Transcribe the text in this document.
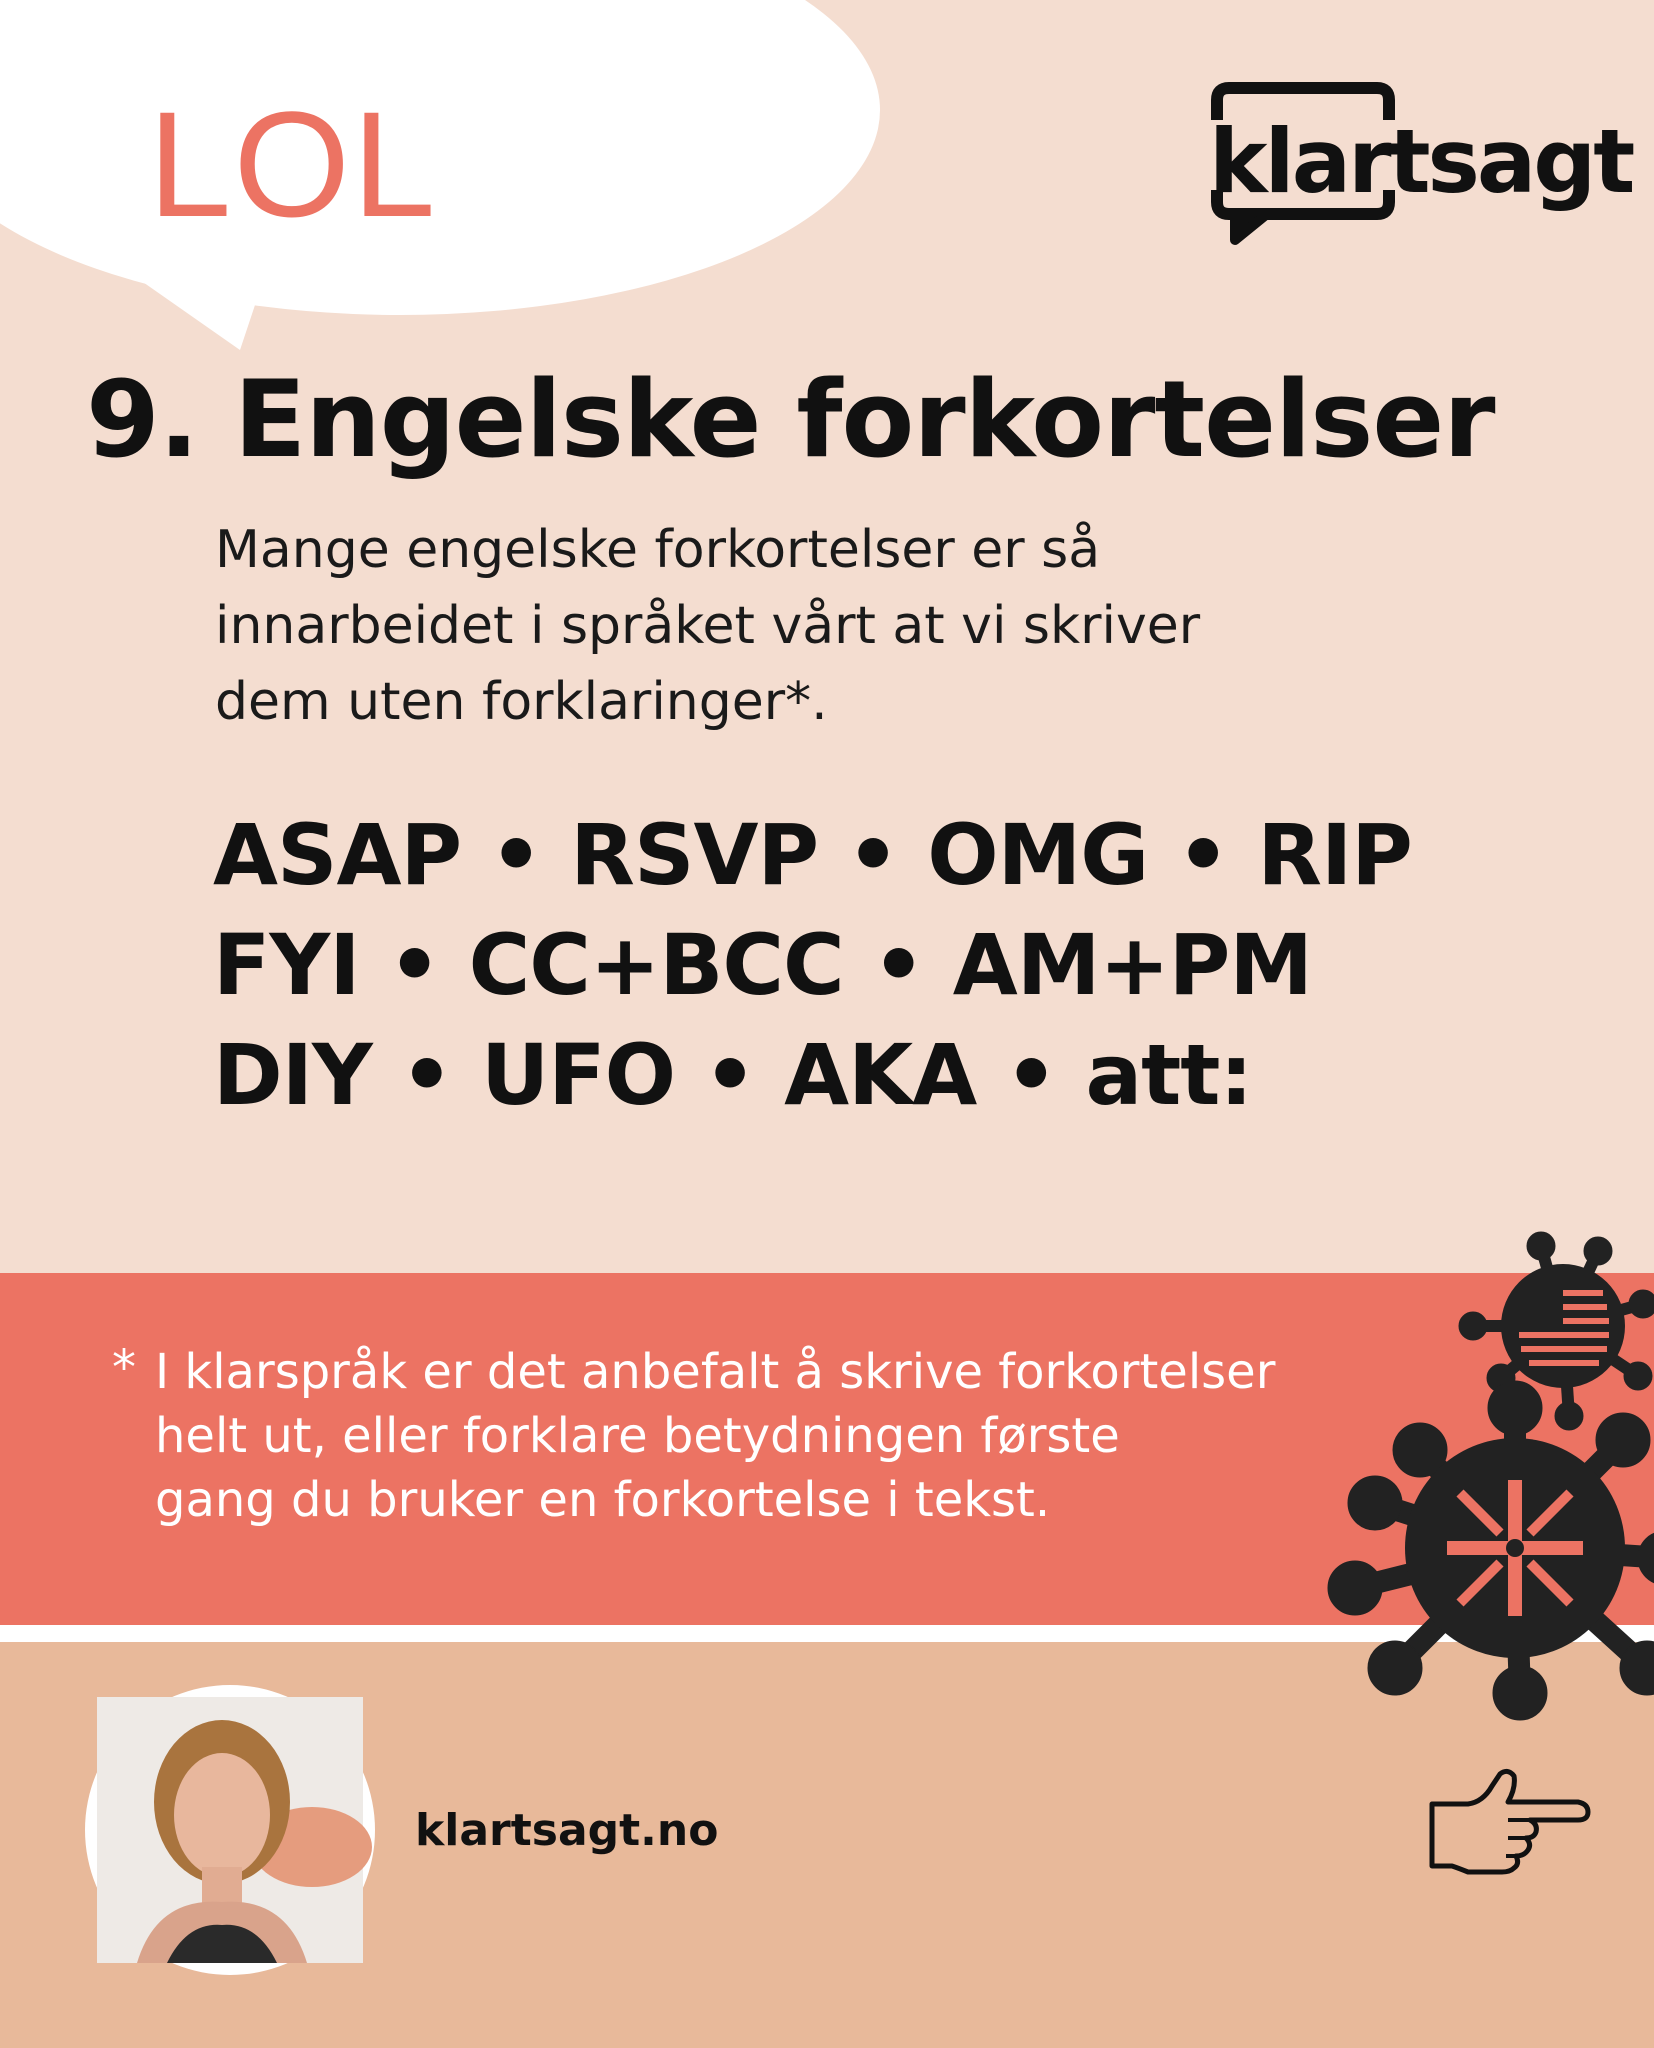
LOL	klartsagt
9. Engelske forkortelser
Mange engelske forkortelser er så
innarbeidet i språket vårt at vi skriver
dem uten forklaringer*.
ASAP • RSVP • OMG • RIP
FYI • CC+BCC • AM+PM
DIY • UFO • AKA • att:
* I klarspråk er det anbefalt å skrive forkortelser
helt ut, eller forklare betydningen første
gang du bruker en forkortelse i tekst.
klartsagt.no
